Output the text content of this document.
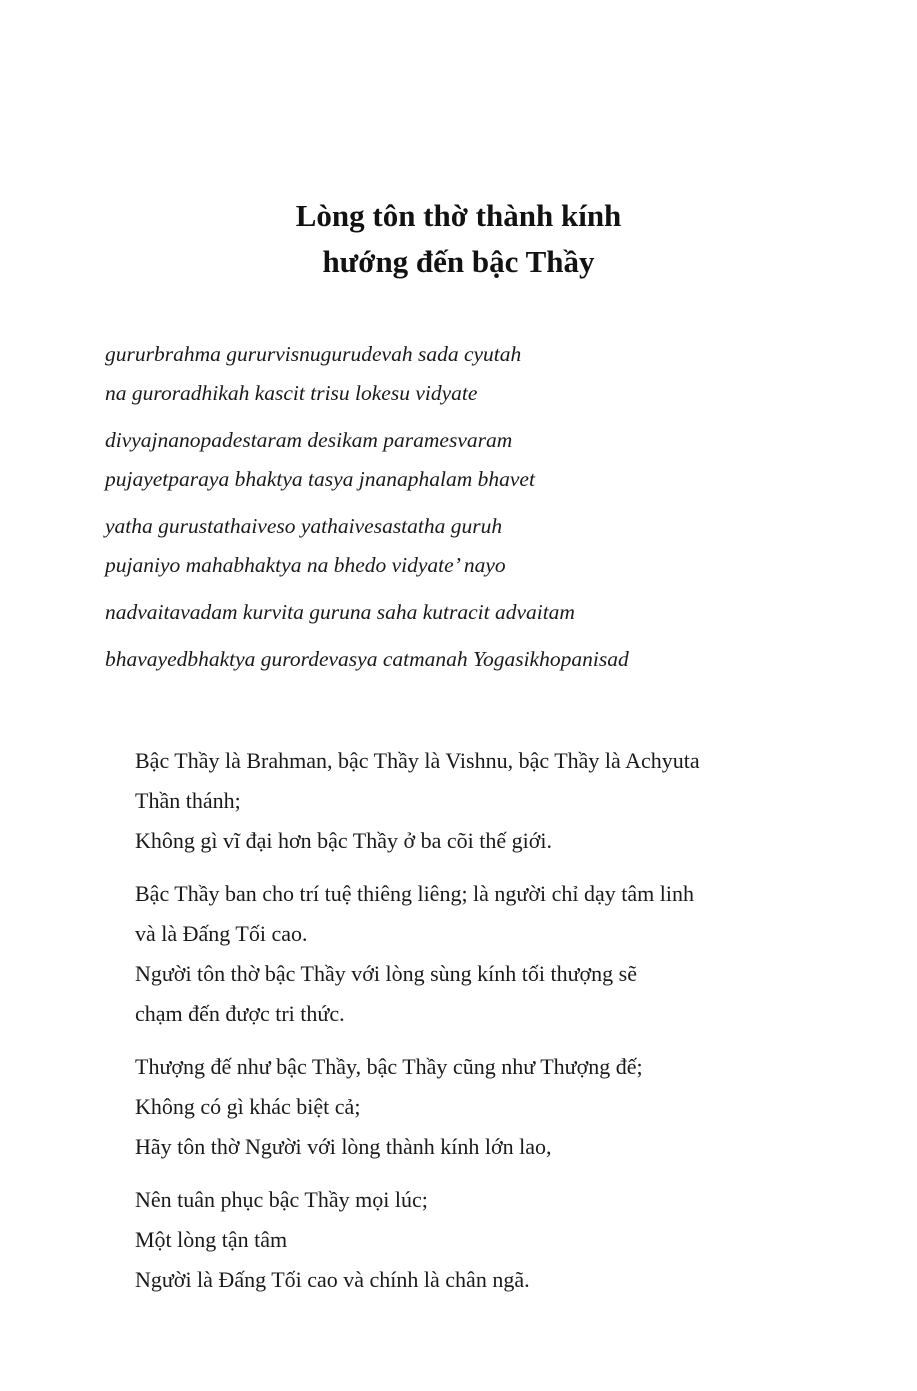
Lòng tôn thờ thành kính
hướng đến bậc Thầy
gururbrahma gururvisnugurudevah sada cyutah
na guroradhikah kascit trisu lokesu vidyate
divyajnanopadestaram desikam paramesvaram
pujayetparaya bhaktya tasya jnanaphalam bhavet
yatha gurustathaiveso yathaivesastatha guruh
pujaniyo mahabhaktya na bhedo vidyate’ nayo
nadvaitavadam kurvita guruna saha kutracit advaitam
bhavayedbhaktya gurordevasya catmanah Yogasikhopanisad

Bậc Thầy là Brahman, bậc Thầy là Vishnu, bậc Thầy là Achyuta
Thần thánh;
Không gì vĩ đại hơn bậc Thầy ở ba cõi thế giới.

Bậc Thầy ban cho trí tuệ thiêng liêng; là người chỉ dạy tâm linh
và là Đấng Tối cao.
Người tôn thờ bậc Thầy với lòng sùng kính tối thượng sẽ
chạm đến được tri thức.

Thượng đế như bậc Thầy, bậc Thầy cũng như Thượng đế;
Không có gì khác biệt cả;
Hãy tôn thờ Người với lòng thành kính lớn lao,

Nên tuân phục bậc Thầy mọi lúc;
Một lòng tận tâm
Người là Đấng Tối cao và chính là chân ngã.
